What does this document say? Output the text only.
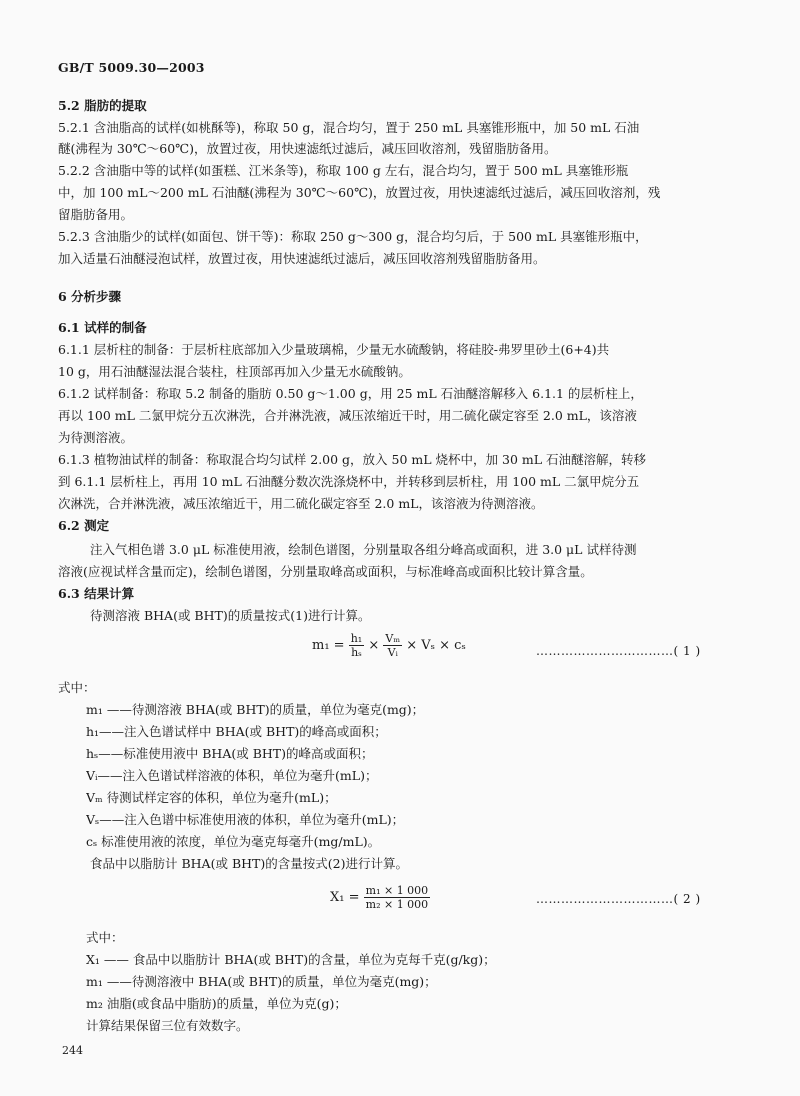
GB/T 5009.30—2003
5.2 脂肪的提取
5.2.1 含油脂高的试样(如桃酥等)，称取 50 g，混合均匀，置于 250 mL 具塞锥形瓶中，加 50 mL 石油
醚(沸程为 30℃～60℃)，放置过夜，用快速滤纸过滤后，减压回收溶剂，残留脂肪备用。
5.2.2 含油脂中等的试样(如蛋糕、江米条等)，称取 100 g 左右，混合均匀，置于 500 mL 具塞锥形瓶
中，加 100 mL～200 mL 石油醚(沸程为 30℃～60℃)，放置过夜，用快速滤纸过滤后，减压回收溶剂，残
留脂肪备用。
5.2.3 含油脂少的试样(如面包、饼干等)：称取 250 g～300 g，混合均匀后，于 500 mL 具塞锥形瓶中，
加入适量石油醚浸泡试样，放置过夜，用快速滤纸过滤后，减压回收溶剂残留脂肪备用。
6 分析步骤
6.1 试样的制备
6.1.1 层析柱的制备：于层析柱底部加入少量玻璃棉，少量无水硫酸钠，将硅胶-弗罗里砂土(6+4)共
10 g，用石油醚湿法混合装柱，柱顶部再加入少量无水硫酸钠。
6.1.2 试样制备：称取 5.2 制备的脂肪 0.50 g～1.00 g，用 25 mL 石油醚溶解移入 6.1.1 的层析柱上，
再以 100 mL 二氯甲烷分五次淋洗，合并淋洗液，减压浓缩近干时，用二硫化碳定容至 2.0 mL，该溶液
为待测溶液。
6.1.3 植物油试样的制备：称取混合均匀试样 2.00 g，放入 50 mL 烧杯中，加 30 mL 石油醚溶解，转移
到 6.1.1 层析柱上，再用 10 mL 石油醚分数次洗涤烧杯中，并转移到层析柱，用 100 mL 二氯甲烷分五
次淋洗，合并淋洗液，减压浓缩近干，用二硫化碳定容至 2.0 mL，该溶液为待测溶液。
6.2 测定
注入气相色谱 3.0 μL 标准使用液，绘制色谱图，分别量取各组分峰高或面积，进 3.0 μL 试样待测
溶液(应视试样含量而定)，绘制色谱图，分别量取峰高或面积，与标准峰高或面积比较计算含量。
6.3 结果计算
待测溶液 BHA(或 BHT)的质量按式(1)进行计算。
$m_1 = \frac{\text{h₁}}{\text{hₛ}} \times \frac{\text{Vₘ}}{\text{Vᵢ}} \times V_s \times c_s$	……………………………( 1 )
式中：
m₁ ——待测溶液 BHA(或 BHT)的质量，单位为毫克(mg)；
h₁——注入色谱试样中 BHA(或 BHT)的峰高或面积；
hₛ——标准使用液中 BHA(或 BHT)的峰高或面积；
Vᵢ——注入色谱试样溶液的体积，单位为毫升(mL)；
Vₘ 待测试样定容的体积，单位为毫升(mL)；
Vₛ——注入色谱中标准使用液的体积，单位为毫升(mL)；
cₛ 标准使用液的浓度，单位为毫克每毫升(mg/mL)。
食品中以脂肪计 BHA(或 BHT)的含量按式(2)进行计算。
$X_1 = \frac{\text{m₁ × 1 000}}{\text{m₂ × 1 000}}$	……………………………( 2 )
式中：
X₁ —— 食品中以脂肪计 BHA(或 BHT)的含量，单位为克每千克(g/kg)；
m₁ ——待测溶液中 BHA(或 BHT)的质量，单位为毫克(mg)；
m₂ 油脂(或食品中脂肪)的质量，单位为克(g)；
计算结果保留三位有效数字。
244
